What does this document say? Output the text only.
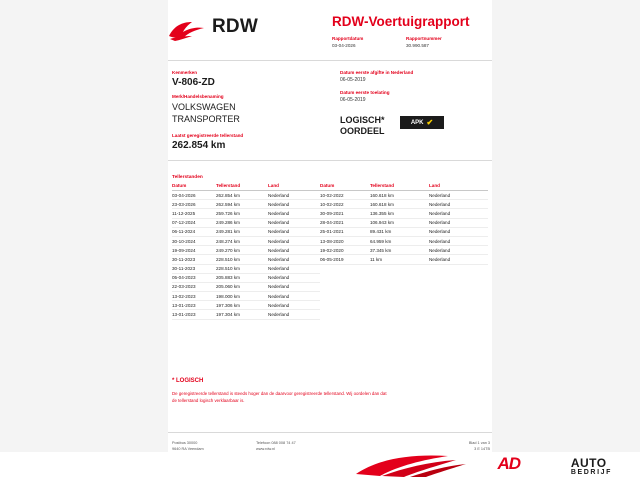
RDW	RDW-Voertuigrapport
Rapportdatum
03-04-2026
Rapportnummer
30.990.587
Kenmerken
V-806-ZD
Merk/Handelsbenaming
VOLKSWAGEN
TRANSPORTER
Laatst geregistreerde tellerstand
262.854 km
Datum eerste afgifte in Nederland
06-05-2019
Datum eerste toelating
06-05-2019
LOGISCH*
OORDEEL
APK ✔
Tellerstanden
Datum	Tellerstand	Land
03-04-2026	262.854 km	Nederland
23-03-2026	262.594 km	Nederland
11-12-2025	259.726 km	Nederland
07-12-2024	249.286 km	Nederland
06-11-2024	249.281 km	Nederland
30-10-2024	248.274 km	Nederland
19-09-2024	249.270 km	Nederland
30-11-2023	228.510 km	Nederland
30-11-2023	228.510 km	Nederland
05-04-2023	205.883 km	Nederland
22-03-2023	205.060 km	Nederland
13-02-2023	198.000 km	Nederland
13-01-2023	197.306 km	Nederland
13-01-2023	197.304 km	Nederland
Datum	Tellerstand	Land
10-02-2022	160.618 km	Nederland
10-02-2022	160.618 km	Nederland
30-09-2021	136.355 km	Nederland
28-04-2021	106.943 km	Nederland
25-01-2021	89.431 km	Nederland
13-08-2020	64.959 km	Nederland
19-02-2020	37.345 km	Nederland
06-05-2019	11 km	Nederland
* LOGISCH
De geregistreerde tellerstand is steeds hoger dan de daarvoor geregistreerde tellerstand. Wij oordelen dan dat de tellerstand logisch verklaarbaar is.
Postbus 30000
9640 RA Veendam
Telefoon 088 008 74 47
www.rdw.nl
Blad 1 van 3
3 E 14TB
AD	AUTO
BEDRIJF
